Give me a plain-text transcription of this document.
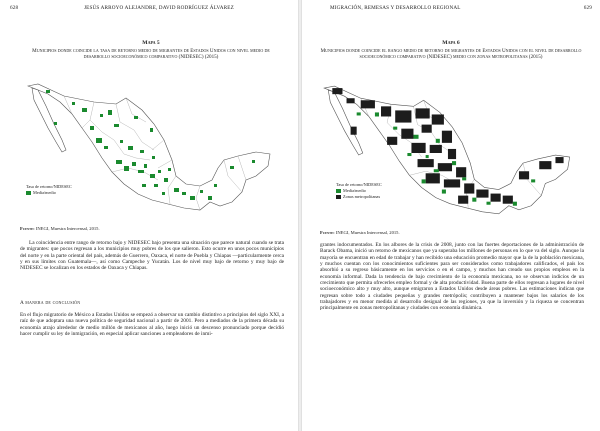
628	JESÚS ARROYO ALEJANDRE, DAVID RODRÍGUEZ ÁLVAREZ
Mapa 5
Municipios donde coincide la tasa de retorno medio de migrantes de Estados Unidos con nivel medio de desarrollo socioeconómico comparativo (NIDESEC) (2015)
Tasa de retorno/NIDESEC
Media/medio
Fuente: INEGI, Muestra Intercensal, 2015.

La coincidencia entre rango de retorno bajo y NIDESEC bajo presenta una situación que parece natural cuando se trata de migrantes: que pocos regresan a los municipios muy pobres de los que salieron. Esto ocurre en unos pocos municipios del norte y en la parte oriental del país, además de Guerrero, Oaxaca, el norte de Puebla y Chiapas —particularmente cerca y en sus límites con Guatemala—, así como Campeche y Yucatán. Los de nivel muy bajo de retorno y muy bajo de NIDESEC se localizan en los estados de Oaxaca y Chiapas.

A manera de conclusión

En el flujo migratorio de México a Estados Unidos se empezó a observar un cambio distintivo a principios del siglo XXI, a raíz de que adoptara una nueva política de seguridad nacional a partir de 2001. Pero a mediados de la primera década su economía atrajo alrededor de medio millón de mexicanos al año, luego inició un descenso pronunciado porque decidió hacer cumplir su ley de inmigración, en especial aplicar sanciones a empleadores de inmi-

MIGRACIÓN, REMESAS Y DESARROLLO REGIONAL	629
Mapa 6
Municipios donde coincide el rango medio de retorno de migrantes de Estados Unidos con el nivel de desarrollo socioeconómico comparativo (NIDESEC) medio con zonas metropolitanas (2015)
Tasa de retorno/NIDESEC
Media/medio
Zonas metropolitanas
Fuente: INEGI, Muestra Intercensal, 2015.

grantes indocumentados. En los albores de la crisis de 2008, junto con las fuertes deportaciones de la administración de Barack Obama, inició un retorno de mexicanos que ya superaba los millones de personas en lo que va del siglo. Aunque la mayoría se encuentran en edad de trabajar y han recibido una educación promedio mayor que la de la población mexicana, y muchos cuentan con los conocimientos suficientes para ser considerados como trabajadores calificados, el país los absorbió a su regreso básicamente en los servicios o en el campo, y muchos han creado sus propios empleos en la economía informal. Dada la tendencia de bajo crecimiento de la economía mexicana, no se observan indicios de un crecimiento que permita ofrecerles empleo formal y de alta productividad. Buena parte de ellos regresan a lugares de nivel socioeconómico alto y muy alto, aunque emigraron a Estados Unidos desde áreas pobres. Las estimaciones indican que regresan sobre todo a ciudades pequeñas y grandes metrópolis; contribuyen a mantener bajos los salarios de los trabajadores y en menor medida al desarrollo desigual de las regiones, ya que la inversión y la riqueza se concentran principalmente en zonas metropolitanas y ciudades con economía dinámica.
